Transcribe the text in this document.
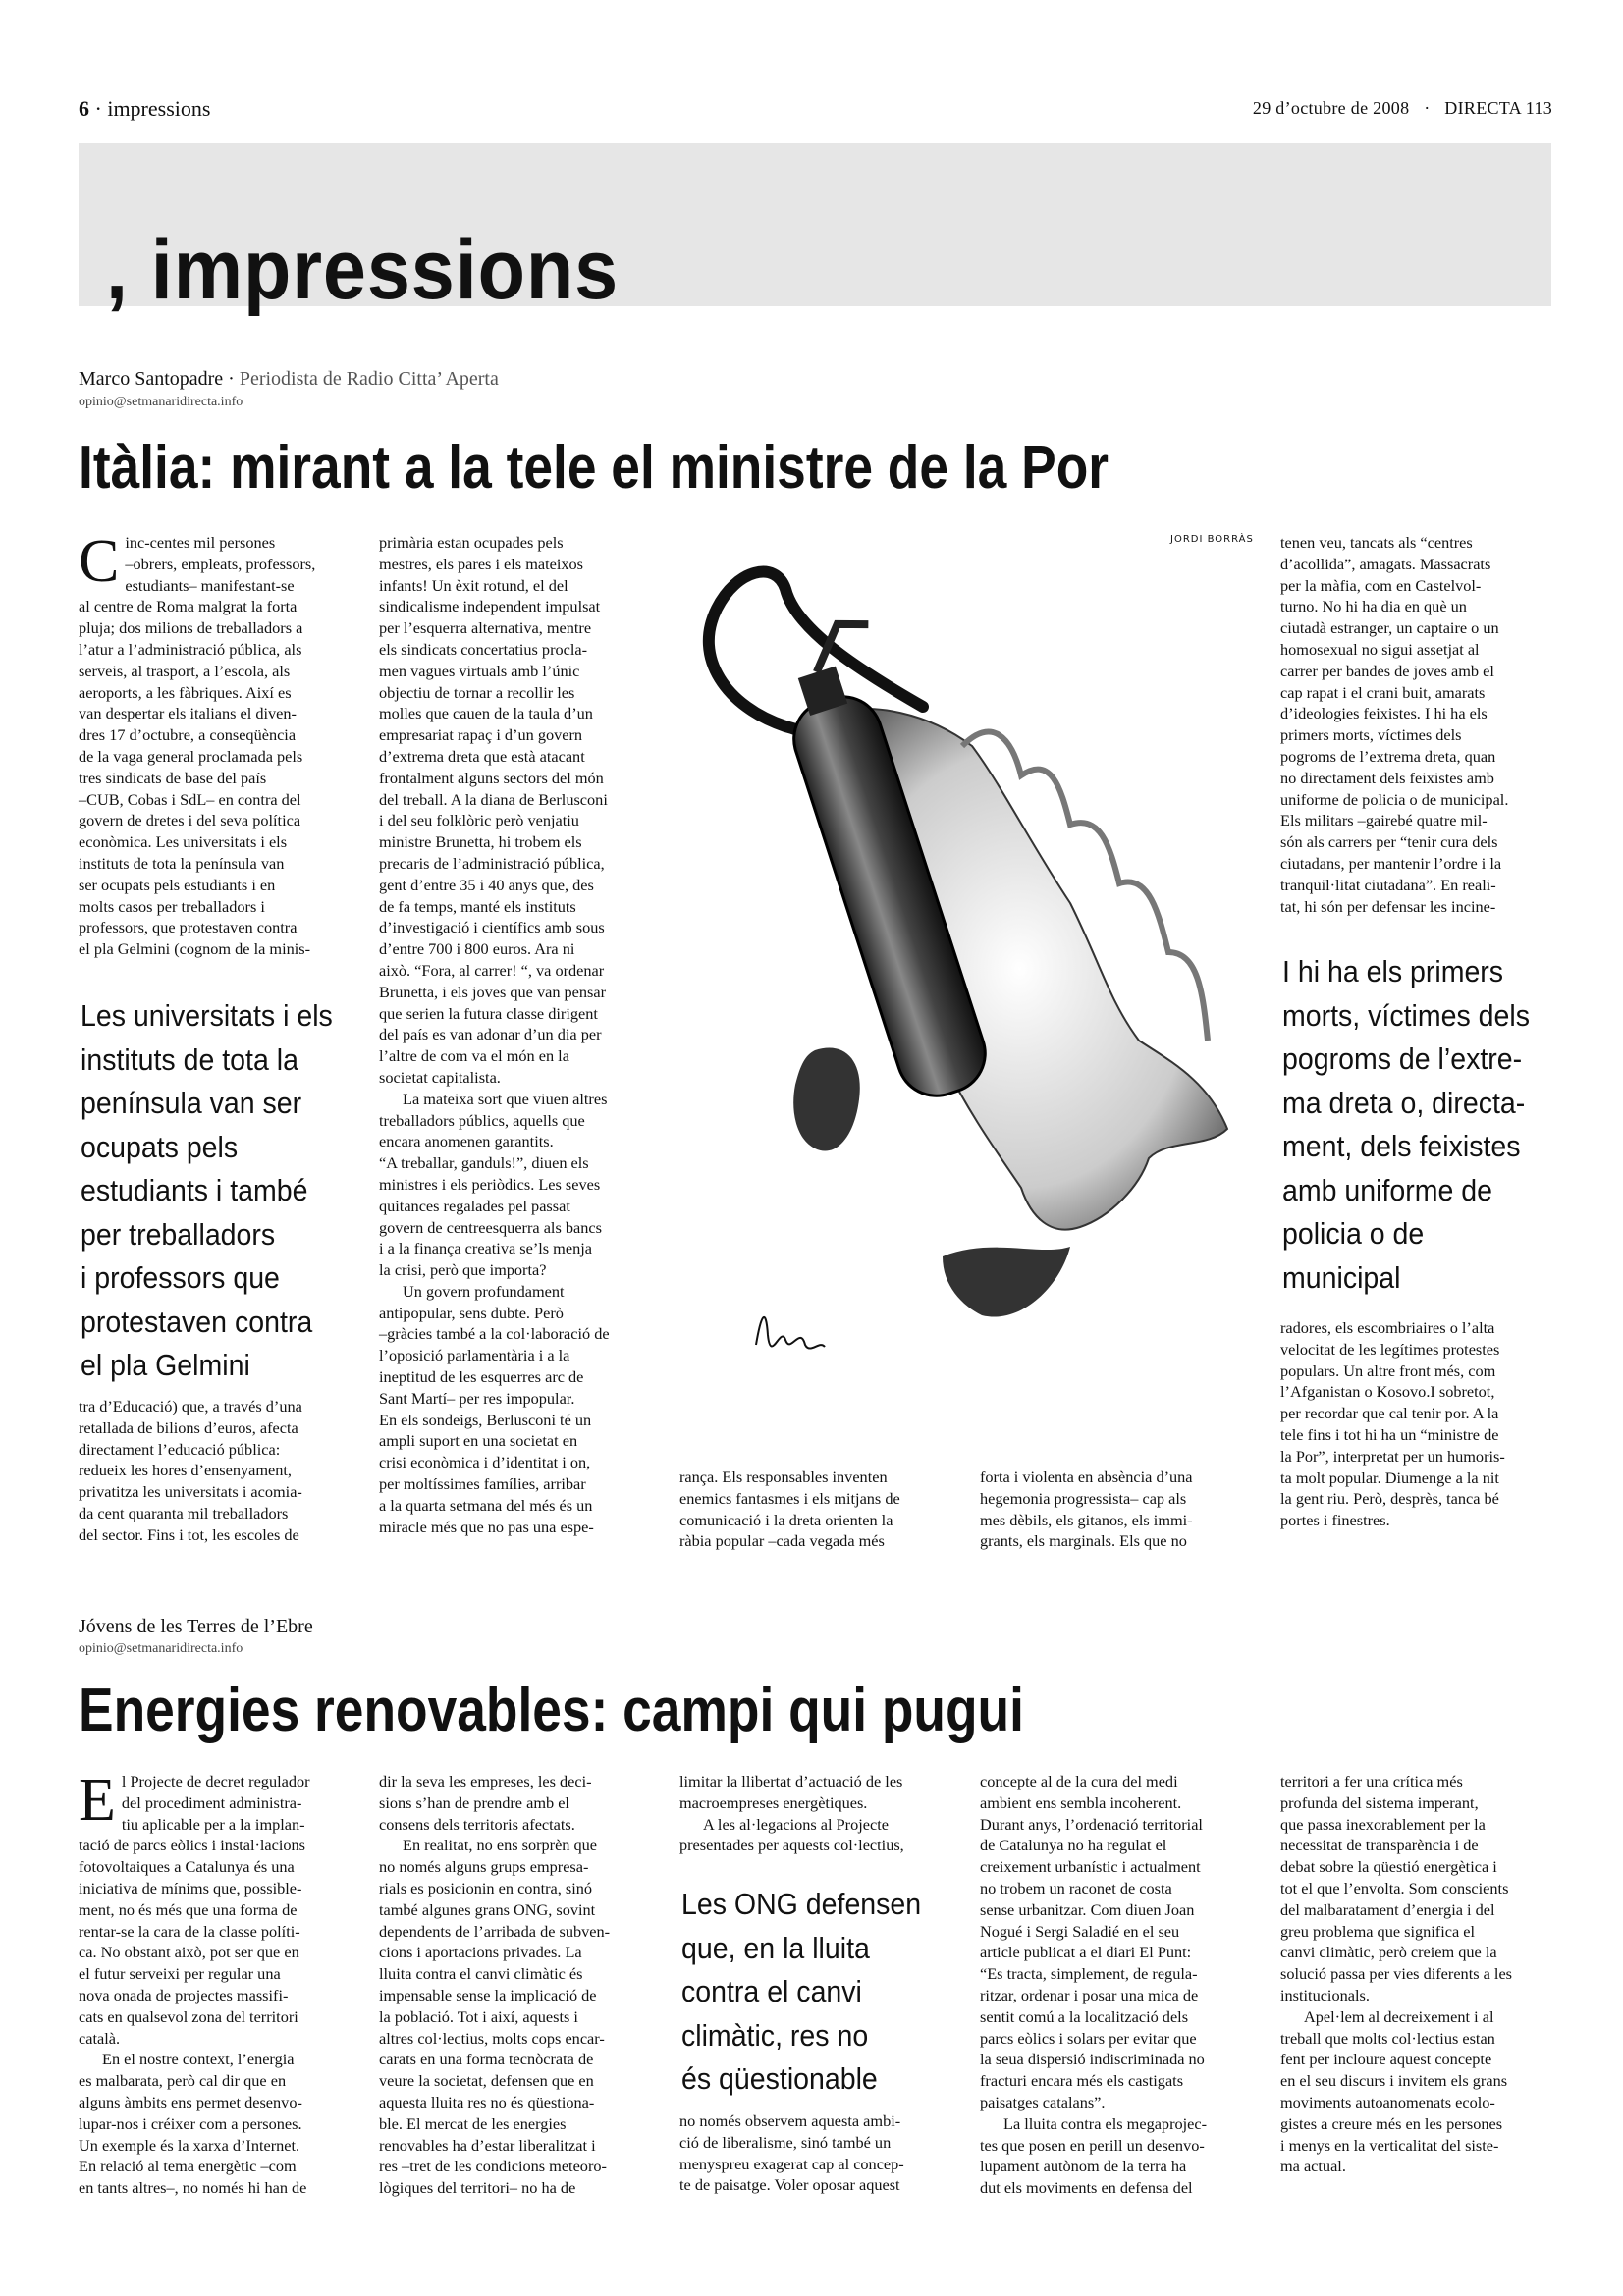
6 · impressions	29 d’octubre de 2008 · DIRECTA 113
, impressions
Marco Santopadre · Periodista de Radio Citta’ Aperta
opinio@setmanaridirecta.info
Itàlia: mirant a la tele el ministre de la Por
C inc-centes mil persones
–obrers, empleats, professors,
estudiants– manifestant-se
al centre de Roma malgrat la forta
pluja; dos milions de treballadors a
l’atur a l’administració pública, als
serveis, al trasport, a l’escola, als
aeroports, a les fàbriques. Així es
van despertar els italians el diven-
dres 17 d’octubre, a conseqüència
de la vaga general proclamada pels
tres sindicats de base del país
–CUB, Cobas i SdL– en contra del
govern de dretes i del seva política
econòmica. Les universitats i els
instituts de tota la península van
ser ocupats pels estudiants i en
molts casos per treballadors i
professors, que protestaven contra
el pla Gelmini (cognom de la minis-

Les universitats i els
instituts de tota la
península van ser
ocupats pels
estudiants i també
per treballadors
i professors que
protestaven contra
el pla Gelmini

tra d’Educació) que, a través d’una
retallada de bilions d’euros, afecta
directament l’educació pública:
redueix les hores d’ensenyament,
privatitza les universitats i acomia-
da cent quaranta mil treballadors
del sector. Fins i tot, les escoles de

primària estan ocupades pels
mestres, els pares i els mateixos
infants! Un èxit rotund, el del
sindicalisme independent impulsat
per l’esquerra alternativa, mentre
els sindicats concertatius procla-
men vagues virtuals amb l’únic
objectiu de tornar a recollir les
molles que cauen de la taula d’un
empresariat rapaç i d’un govern
d’extrema dreta que està atacant
frontalment alguns sectors del món
del treball. A la diana de Berlusconi
i del seu folklòric però venjatiu
ministre Brunetta, hi trobem els
precaris de l’administració pública,
gent d’entre 35 i 40 anys que, des
de fa temps, manté els instituts
d’investigació i científics amb sous
d’entre 700 i 800 euros. Ara ni
això. “Fora, al carrer! “, va ordenar
Brunetta, i els joves que van pensar
que serien la futura classe dirigent
del país es van adonar d’un dia per
l’altre de com va el món en la
societat capitalista.

La mateixa sort que viuen altres
treballadors públics, aquells que
encara anomenen garantits.
“A treballar, ganduls!”, diuen els
ministres i els periòdics. Les seves
quitances regalades pel passat
govern de centreesquerra als bancs
i a la finança creativa se’ls menja
la crisi, però que importa?

Un govern profundament
antipopular, sens dubte. Però
–gràcies també a la col·laboració de
l’oposició parlamentària i a la
ineptitud de les esquerres arc de
Sant Martí– per res impopular.
En els sondeigs, Berlusconi té un
ampli suport en una societat en
crisi econòmica i d’identitat i on,
per moltíssimes famílies, arribar
a la quarta setmana del més és un
miracle més que no pas una espe-

JORDI BORRÀS

rança. Els responsables inventen
enemics fantasmes i els mitjans de
comunicació i la dreta orienten la
ràbia popular –cada vegada més

forta i violenta en absència d’una
hegemonia progressista– cap als
mes dèbils, els gitanos, els immi-
grants, els marginals. Els que no

tenen veu, tancats als “centres
d’acollida”, amagats. Massacrats
per la màfia, com en Castelvol-
turno. No hi ha dia en què un
ciutadà estranger, un captaire o un
homosexual no sigui assetjat al
carrer per bandes de joves amb el
cap rapat i el crani buit, amarats
d’ideologies feixistes. I hi ha els
primers morts, víctimes dels
pogroms de l’extrema dreta, quan
no directament dels feixistes amb
uniforme de policia o de municipal.
Els militars –gairebé quatre mil-
són als carrers per “tenir cura dels
ciutadans, per mantenir l’ordre i la
tranquil·litat ciutadana”. En reali-
tat, hi són per defensar les incine-

I hi ha els primers
morts, víctimes dels
pogroms de l’extre-
ma dreta o, directa-
ment, dels feixistes
amb uniforme de
policia o de
municipal

radores, els escombriaires o l’alta
velocitat de les legítimes protestes
populars. Un altre front més, com
l’Afganistan o Kosovo.I sobretot,
per recordar que cal tenir por. A la
tele fins i tot hi ha un “ministre de
la Por”, interpretat per un humoris-
ta molt popular. Diumenge a la nit
la gent riu. Però, desprès, tanca bé
portes i finestres.

Jóvens de les Terres de l’Ebre
opinio@setmanaridirecta.info
Energies renovables: campi qui pugui
E l Projecte de decret regulador
del procediment administra-
tiu aplicable per a la implan-
tació de parcs eòlics i instal·lacions
fotovoltaiques a Catalunya és una
iniciativa de mínims que, possible-
ment, no és més que una forma de
rentar-se la cara de la classe políti-
ca. No obstant això, pot ser que en
el futur serveixi per regular una
nova onada de projectes massifi-
cats en qualsevol zona del territori
català.

En el nostre context, l’energia
es malbarata, però cal dir que en
alguns àmbits ens permet desenvo-
lupar-nos i créixer com a persones.
Un exemple és la xarxa d’Internet.
En relació al tema energètic –com
en tants altres–, no només hi han de

dir la seva les empreses, les deci-
sions s’han de prendre amb el
consens dels territoris afectats.

En realitat, no ens sorprèn que
no només alguns grups empresa-
rials es posicionin en contra, sinó
també algunes grans ONG, sovint
dependents de l’arribada de subven-
cions i aportacions privades. La
lluita contra el canvi climàtic és
impensable sense la implicació de
la població. Tot i així, aquests i
altres col·lectius, molts cops encar-
carats en una forma tecnòcrata de
veure la societat, defensen que en
aquesta lluita res no és qüestiona-
ble. El mercat de les energies
renovables ha d’estar liberalitzat i
res –tret de les condicions meteoro-
lògiques del territori– no ha de

limitar la llibertat d’actuació de les
macroempreses energètiques.

A les al·legacions al Projecte
presentades per aquests col·lectius,

Les ONG defensen
que, en la lluita
contra el canvi
climàtic, res no
és qüestionable

no només observem aquesta ambi-
ció de liberalisme, sinó també un
menyspreu exagerat cap al concep-
te de paisatge. Voler oposar aquest

concepte al de la cura del medi
ambient ens sembla incoherent.
Durant anys, l’ordenació territorial
de Catalunya no ha regulat el
creixement urbanístic i actualment
no trobem un raconet de costa
sense urbanitzar. Com diuen Joan
Nogué i Sergi Saladié en el seu
article publicat a el diari El Punt:
“Es tracta, simplement, de regula-
ritzar, ordenar i posar una mica de
sentit comú a la localització dels
parcs eòlics i solars per evitar que
la seua dispersió indiscriminada no
fracturi encara més els castigats
paisatges catalans”.

La lluita contra els megaprojec-
tes que posen en perill un desenvo-
lupament autònom de la terra ha
dut els moviments en defensa del

territori a fer una crítica més
profunda del sistema imperant,
que passa inexorablement per la
necessitat de transparència i de
debat sobre la qüestió energètica i
tot el que l’envolta. Som conscients
del malbaratament d’energia i del
greu problema que significa el
canvi climàtic, però creiem que la
solució passa per vies diferents a les
institucionals.

Apel·lem al decreixement i al
treball que molts col·lectius estan
fent per incloure aquest concepte
en el seu discurs i invitem els grans
moviments autoanomenats ecolo-
gistes a creure més en les persones
i menys en la verticalitat del siste-
ma actual.
